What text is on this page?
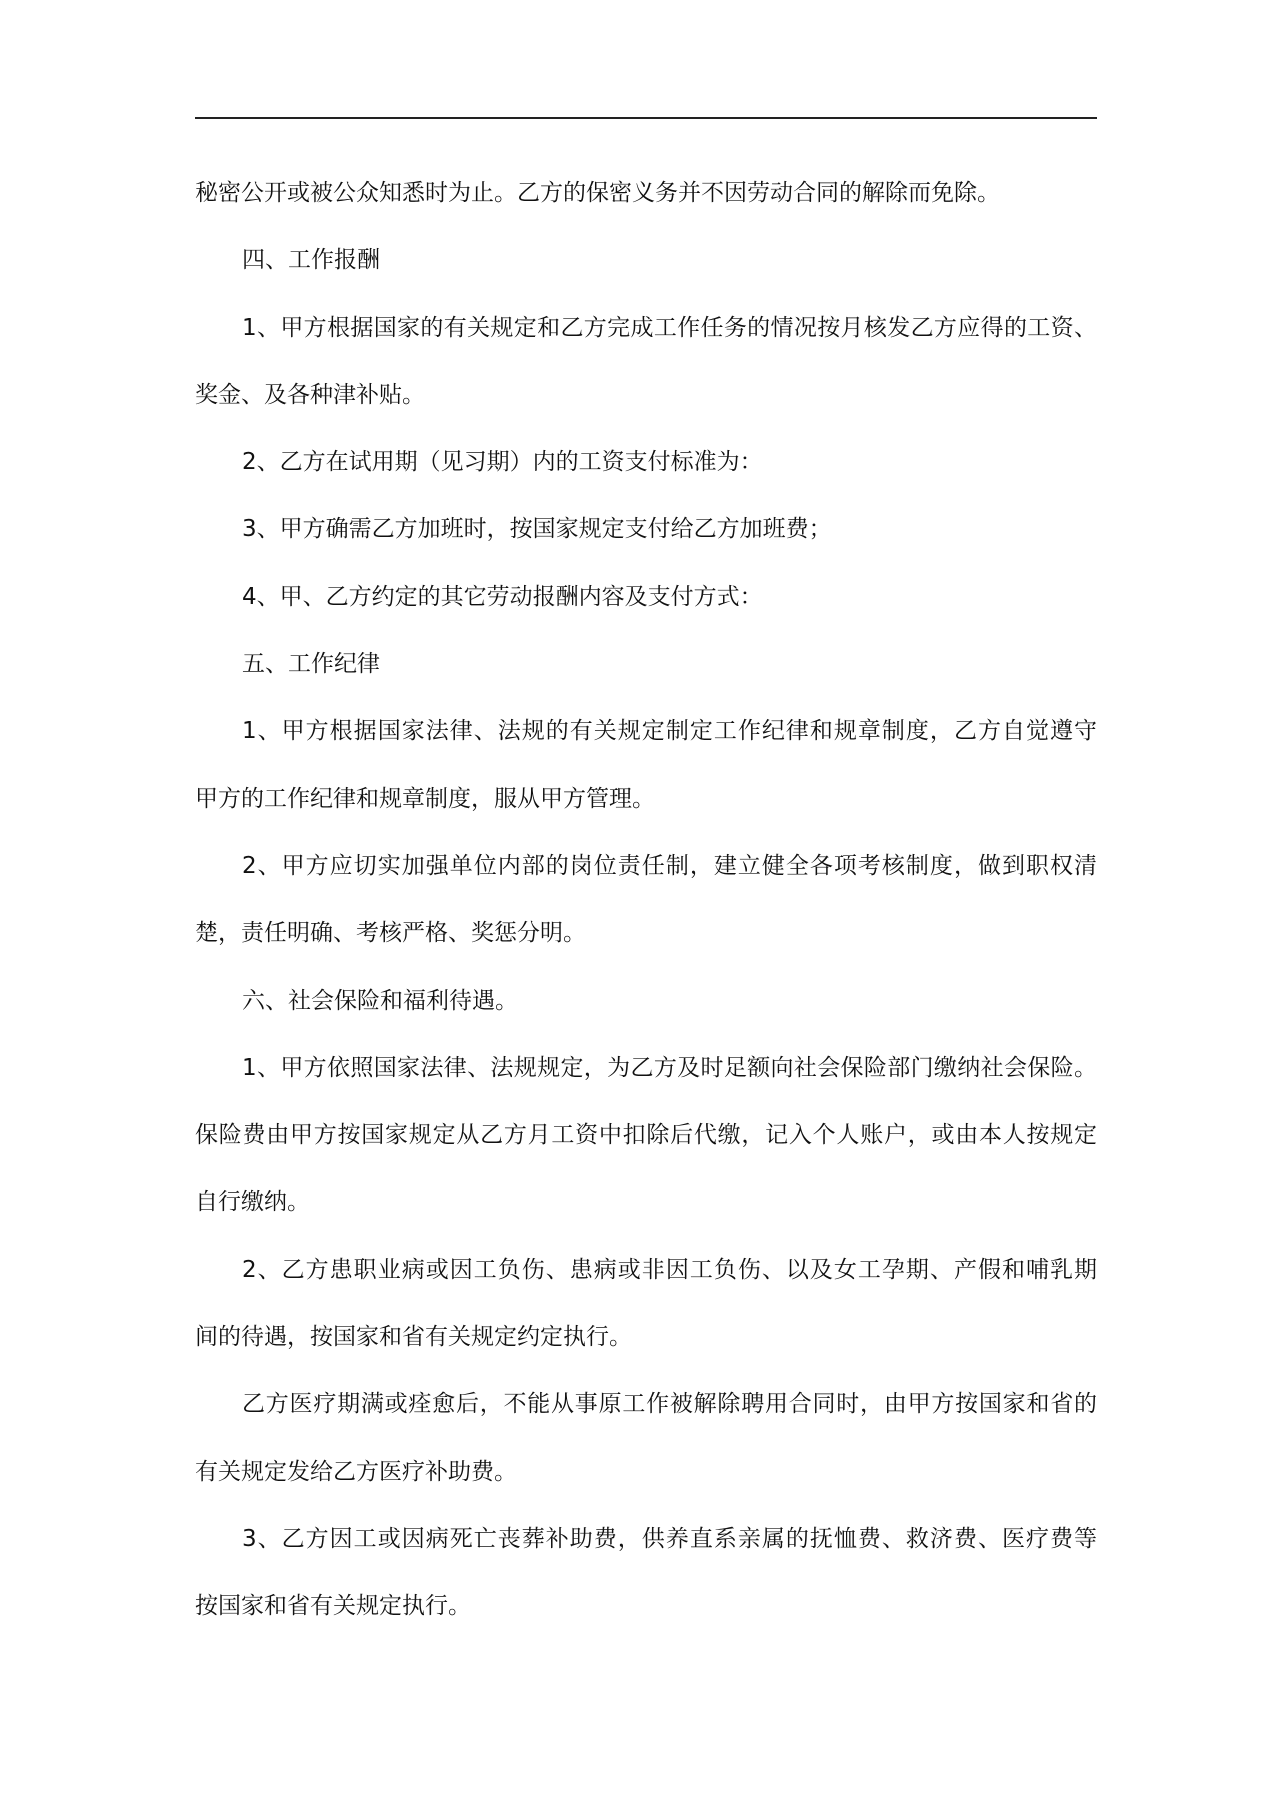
秘密公开或被公众知悉时为止。乙方的保密义务并不因劳动合同的解除而免除。
四、工作报酬
1、甲方根据国家的有关规定和乙方完成工作任务的情况按月核发乙方应得的工资、
奖金、及各种津补贴。
2、乙方在试用期（见习期）内的工资支付标准为：
3、甲方确需乙方加班时，按国家规定支付给乙方加班费；
4、甲、乙方约定的其它劳动报酬内容及支付方式：
五、工作纪律
1、甲方根据国家法律、法规的有关规定制定工作纪律和规章制度，乙方自觉遵守
甲方的工作纪律和规章制度，服从甲方管理。
2、甲方应切实加强单位内部的岗位责任制，建立健全各项考核制度，做到职权清
楚，责任明确、考核严格、奖惩分明。
六、社会保险和福利待遇。
1、甲方依照国家法律、法规规定，为乙方及时足额向社会保险部门缴纳社会保险。
保险费由甲方按国家规定从乙方月工资中扣除后代缴，记入个人账户，或由本人按规定
自行缴纳。
2、乙方患职业病或因工负伤、患病或非因工负伤、以及女工孕期、产假和哺乳期
间的待遇，按国家和省有关规定约定执行。
乙方医疗期满或痊愈后，不能从事原工作被解除聘用合同时，由甲方按国家和省的
有关规定发给乙方医疗补助费。
3、乙方因工或因病死亡丧葬补助费，供养直系亲属的抚恤费、救济费、医疗费等
按国家和省有关规定执行。
